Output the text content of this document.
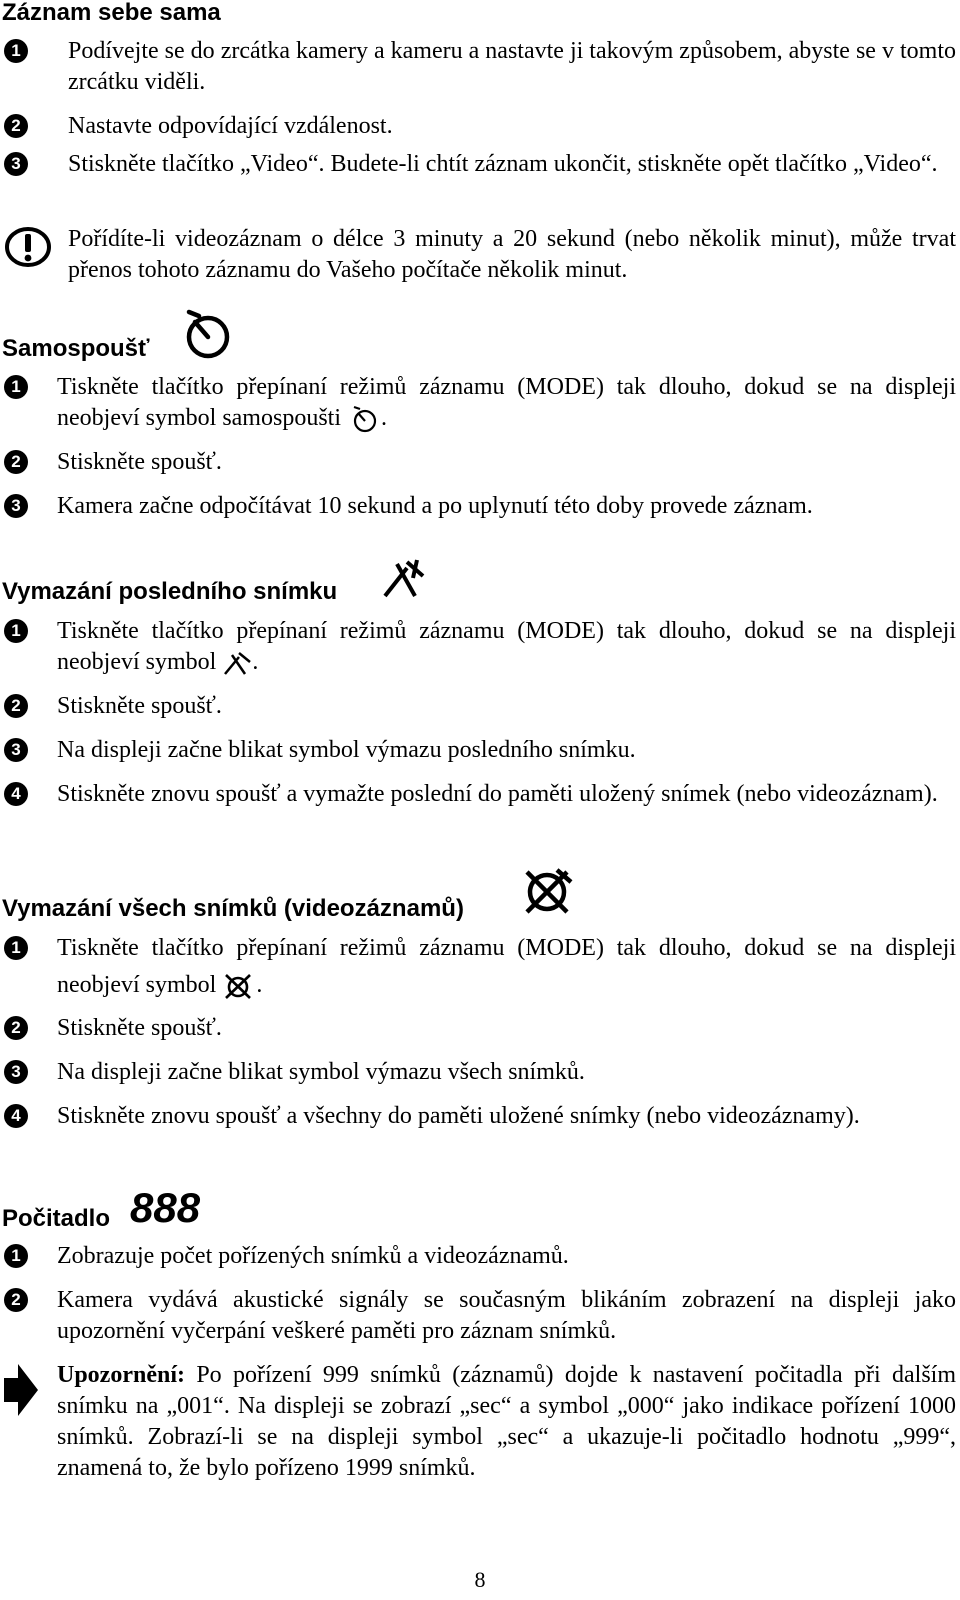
Záznam sebe sama
1	Podívejte se do zrcátka kamery a kameru a nastavte ji takovým způsobem, abyste se v tomto zrcátku viděli.
2	Nastavte odpovídající vzdálenost.
3	Stiskněte tlačítko „Video“. Budete-li chtít záznam ukončit, stiskněte opět tlačítko „Video“.
Pořídíte-li videozáznam o délce 3 minuty a 20 sekund (nebo několik minut), může trvat přenos tohoto záznamu do Vašeho počítače několik minut.
Samospoušť
1	Tiskněte tlačítko přepínaní režimů záznamu (MODE) tak dlouho, dokud se na displeji neobjeví symbol samospoušti .
2	Stiskněte spoušť.
3	Kamera začne odpočítávat 10 sekund a po uplynutí této doby provede záznam.
Vymazání posledního snímku
1	Tiskněte tlačítko přepínaní režimů záznamu (MODE) tak dlouho, dokud se na displeji neobjeví symbol .
2	Stiskněte spoušť.
3	Na displeji začne blikat symbol výmazu posledního snímku.
4	Stiskněte znovu spoušť a vymažte poslední do paměti uložený snímek (nebo videozáznam).
Vymazání všech snímků (videozáznamů)
1	Tiskněte tlačítko přepínaní režimů záznamu (MODE) tak dlouho, dokud se na displeji neobjeví symbol .
2	Stiskněte spoušť.
3	Na displeji začne blikat symbol výmazu všech snímků.
4	Stiskněte znovu spoušť a všechny do paměti uložené snímky (nebo videozáznamy).
Počitadlo 888
1	Zobrazuje počet pořízených snímků a videozáznamů.
2	Kamera vydává akustické signály se současným blikáním zobrazení na displeji jako upozornění vyčerpání veškeré paměti pro záznam snímků.
Upozornění: Po pořízení 999 snímků (záznamů) dojde k nastavení počitadla při dalším snímku na „001“. Na displeji se zobrazí „sec“ a symbol „000“ jako indikace pořízení 1000 snímků. Zobrazí-li se na displeji symbol „sec“ a ukazuje-li počitadlo hodnotu „999“, znamená to, že bylo pořízeno 1999 snímků.
8
